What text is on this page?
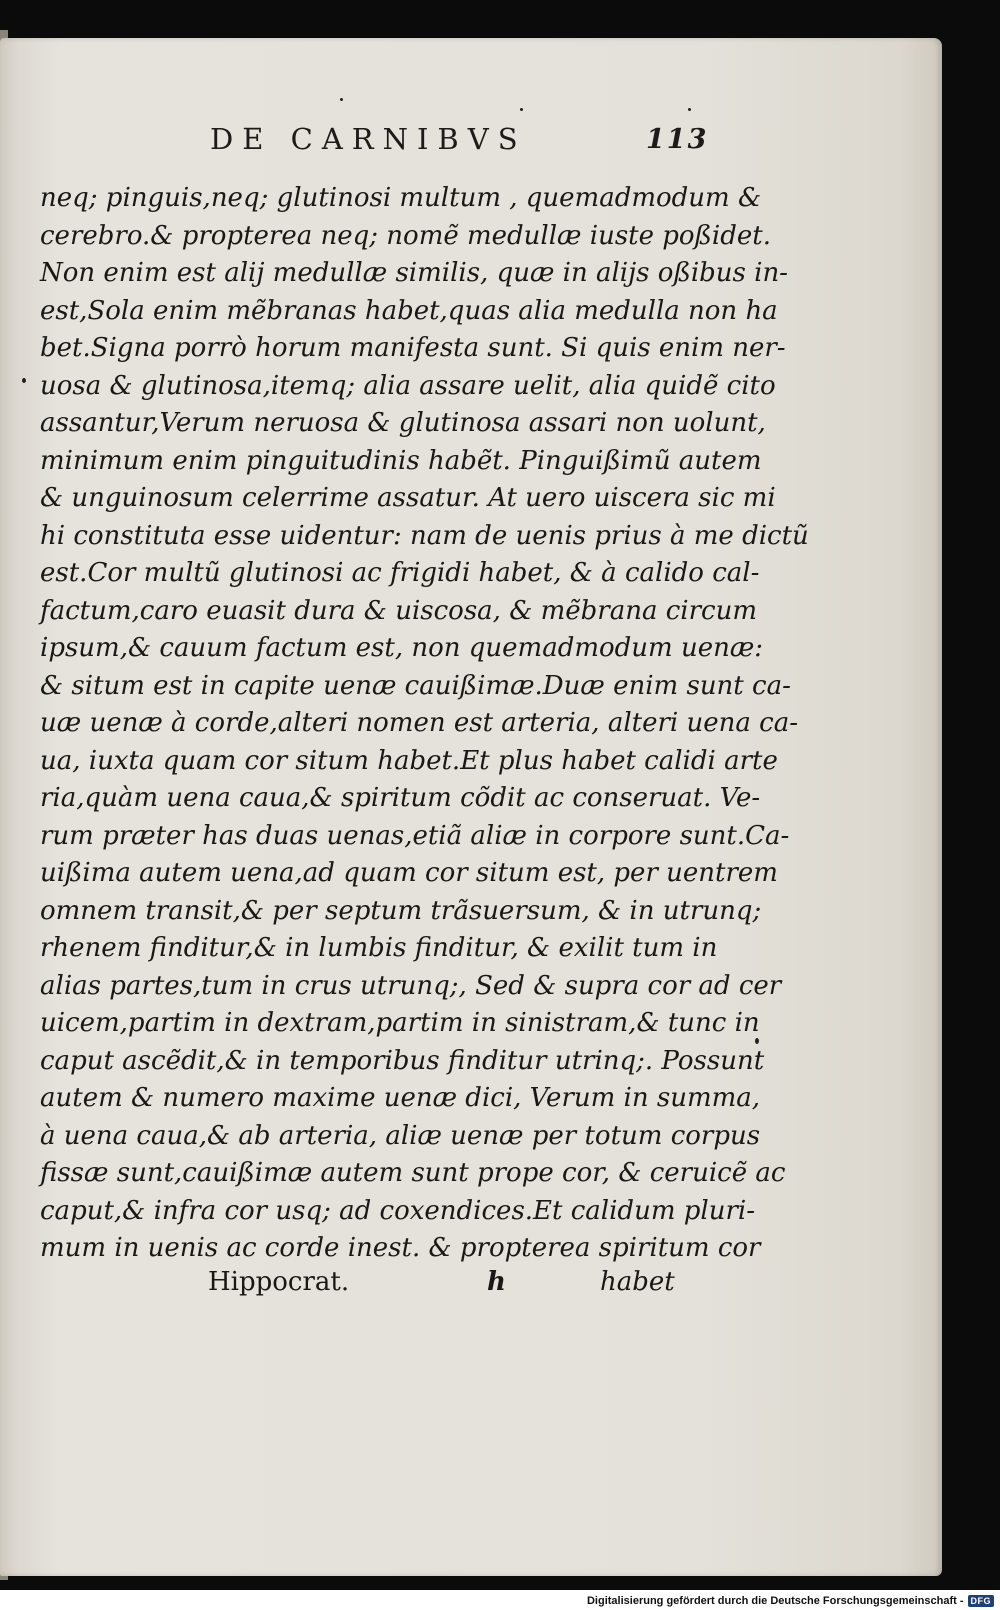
DE CARNIBVS	113
neq; pinguis,neq; glutinosi multum , quemadmodum &
cerebro.& propterea neq; nomẽ medullæ iuste poßidet.
Non enim est alij medullæ similis, quæ in alijs oßibus in-
est,Sola enim mẽbranas habet,quas alia medulla non ha
bet.Signa porrò horum manifesta sunt. Si quis enim ner-
uosa & glutinosa,itemq; alia assare uelit, alia quidẽ cito
assantur,Verum neruosa & glutinosa assari non uolunt,
minimum enim pinguitudinis habẽt. Pinguißimũ autem
& unguinosum celerrime assatur. At uero uiscera sic mi
hi constituta esse uidentur: nam de uenis prius à me dictũ
est.Cor multũ glutinosi ac frigidi habet, & à calido cal-
factum,caro euasit dura & uiscosa, & mẽbrana circum
ipsum,& cauum factum est, non quemadmodum uenæ:
& situm est in capite uenæ cauißimæ.Duæ enim sunt ca-
uæ uenæ à corde,alteri nomen est arteria, alteri uena ca-
ua, iuxta quam cor situm habet.Et plus habet calidi arte
ria,quàm uena caua,& spiritum cõdit ac conseruat. Ve-
rum præter has duas uenas,etiã aliæ in corpore sunt.Ca-
uißima autem uena,ad quam cor situm est, per uentrem
omnem transit,& per septum trãsuersum, & in utrunq;
rhenem finditur,& in lumbis finditur, & exilit tum in
alias partes,tum in crus utrunq;, Sed & supra cor ad cer
uicem,partim in dextram,partim in sinistram,& tunc in
caput ascẽdit,& in temporibus finditur utrinq;. Possunt
autem & numero maxime uenæ dici, Verum in summa,
à uena caua,& ab arteria, aliæ uenæ per totum corpus
fissæ sunt,cauißimæ autem sunt prope cor, & ceruicẽ ac
caput,& infra cor usq; ad coxendices.Et calidum pluri-
mum in uenis ac corde inest. & propterea spiritum cor
Hippocrat.	h	habet
Digitalisierung gefördert durch die Deutsche Forschungsgemeinschaft - DFG
